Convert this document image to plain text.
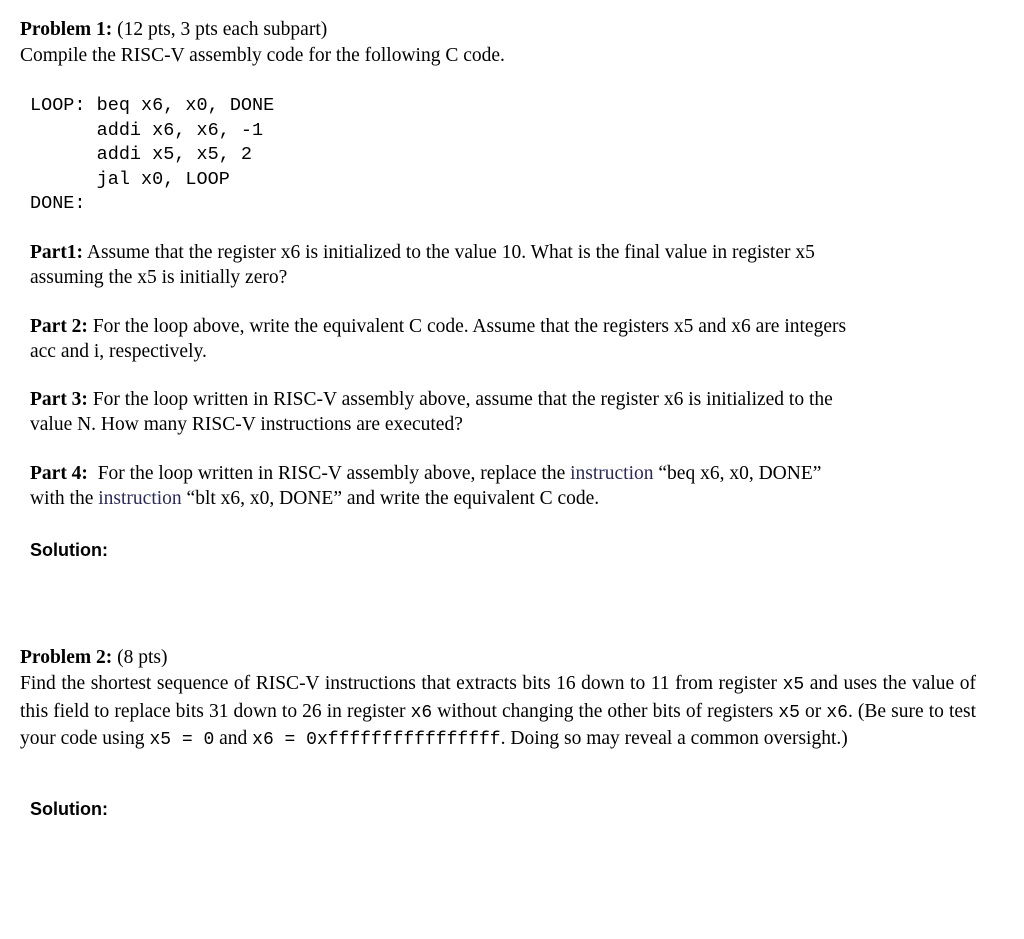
Problem 1: (12 pts, 3 pts each subpart)
Compile the RISC-V assembly code for the following C code.
LOOP: beq x6, x0, DONE
addi x6, x6, -1
addi x5, x5, 2
jal x0, LOOP
DONE:
Part1: Assume that the register x6 is initialized to the value 10. What is the final value in register x5
assuming the x5 is initially zero?
Part 2: For the loop above, write the equivalent C code. Assume that the registers x5 and x6 are integers
acc and i, respectively.
Part 3: For the loop written in RISC-V assembly above, assume that the register x6 is initialized to the
value N. How many RISC-V instructions are executed?
Part 4: For the loop written in RISC-V assembly above, replace the instruction “beq x6, x0, DONE”
with the instruction “blt x6, x0, DONE” and write the equivalent C code.
Solution:
Problem 2: (8 pts)
Find the shortest sequence of RISC-V instructions that extracts bits 16 down to 11 from register x5 and uses the value of this field to replace bits 31 down to 26 in register x6 without changing the other bits of registers x5 or x6. (Be sure to test your code using x5 = 0 and x6 = 0xffffffffffffffff. Doing so may reveal a common oversight.)
Solution:
